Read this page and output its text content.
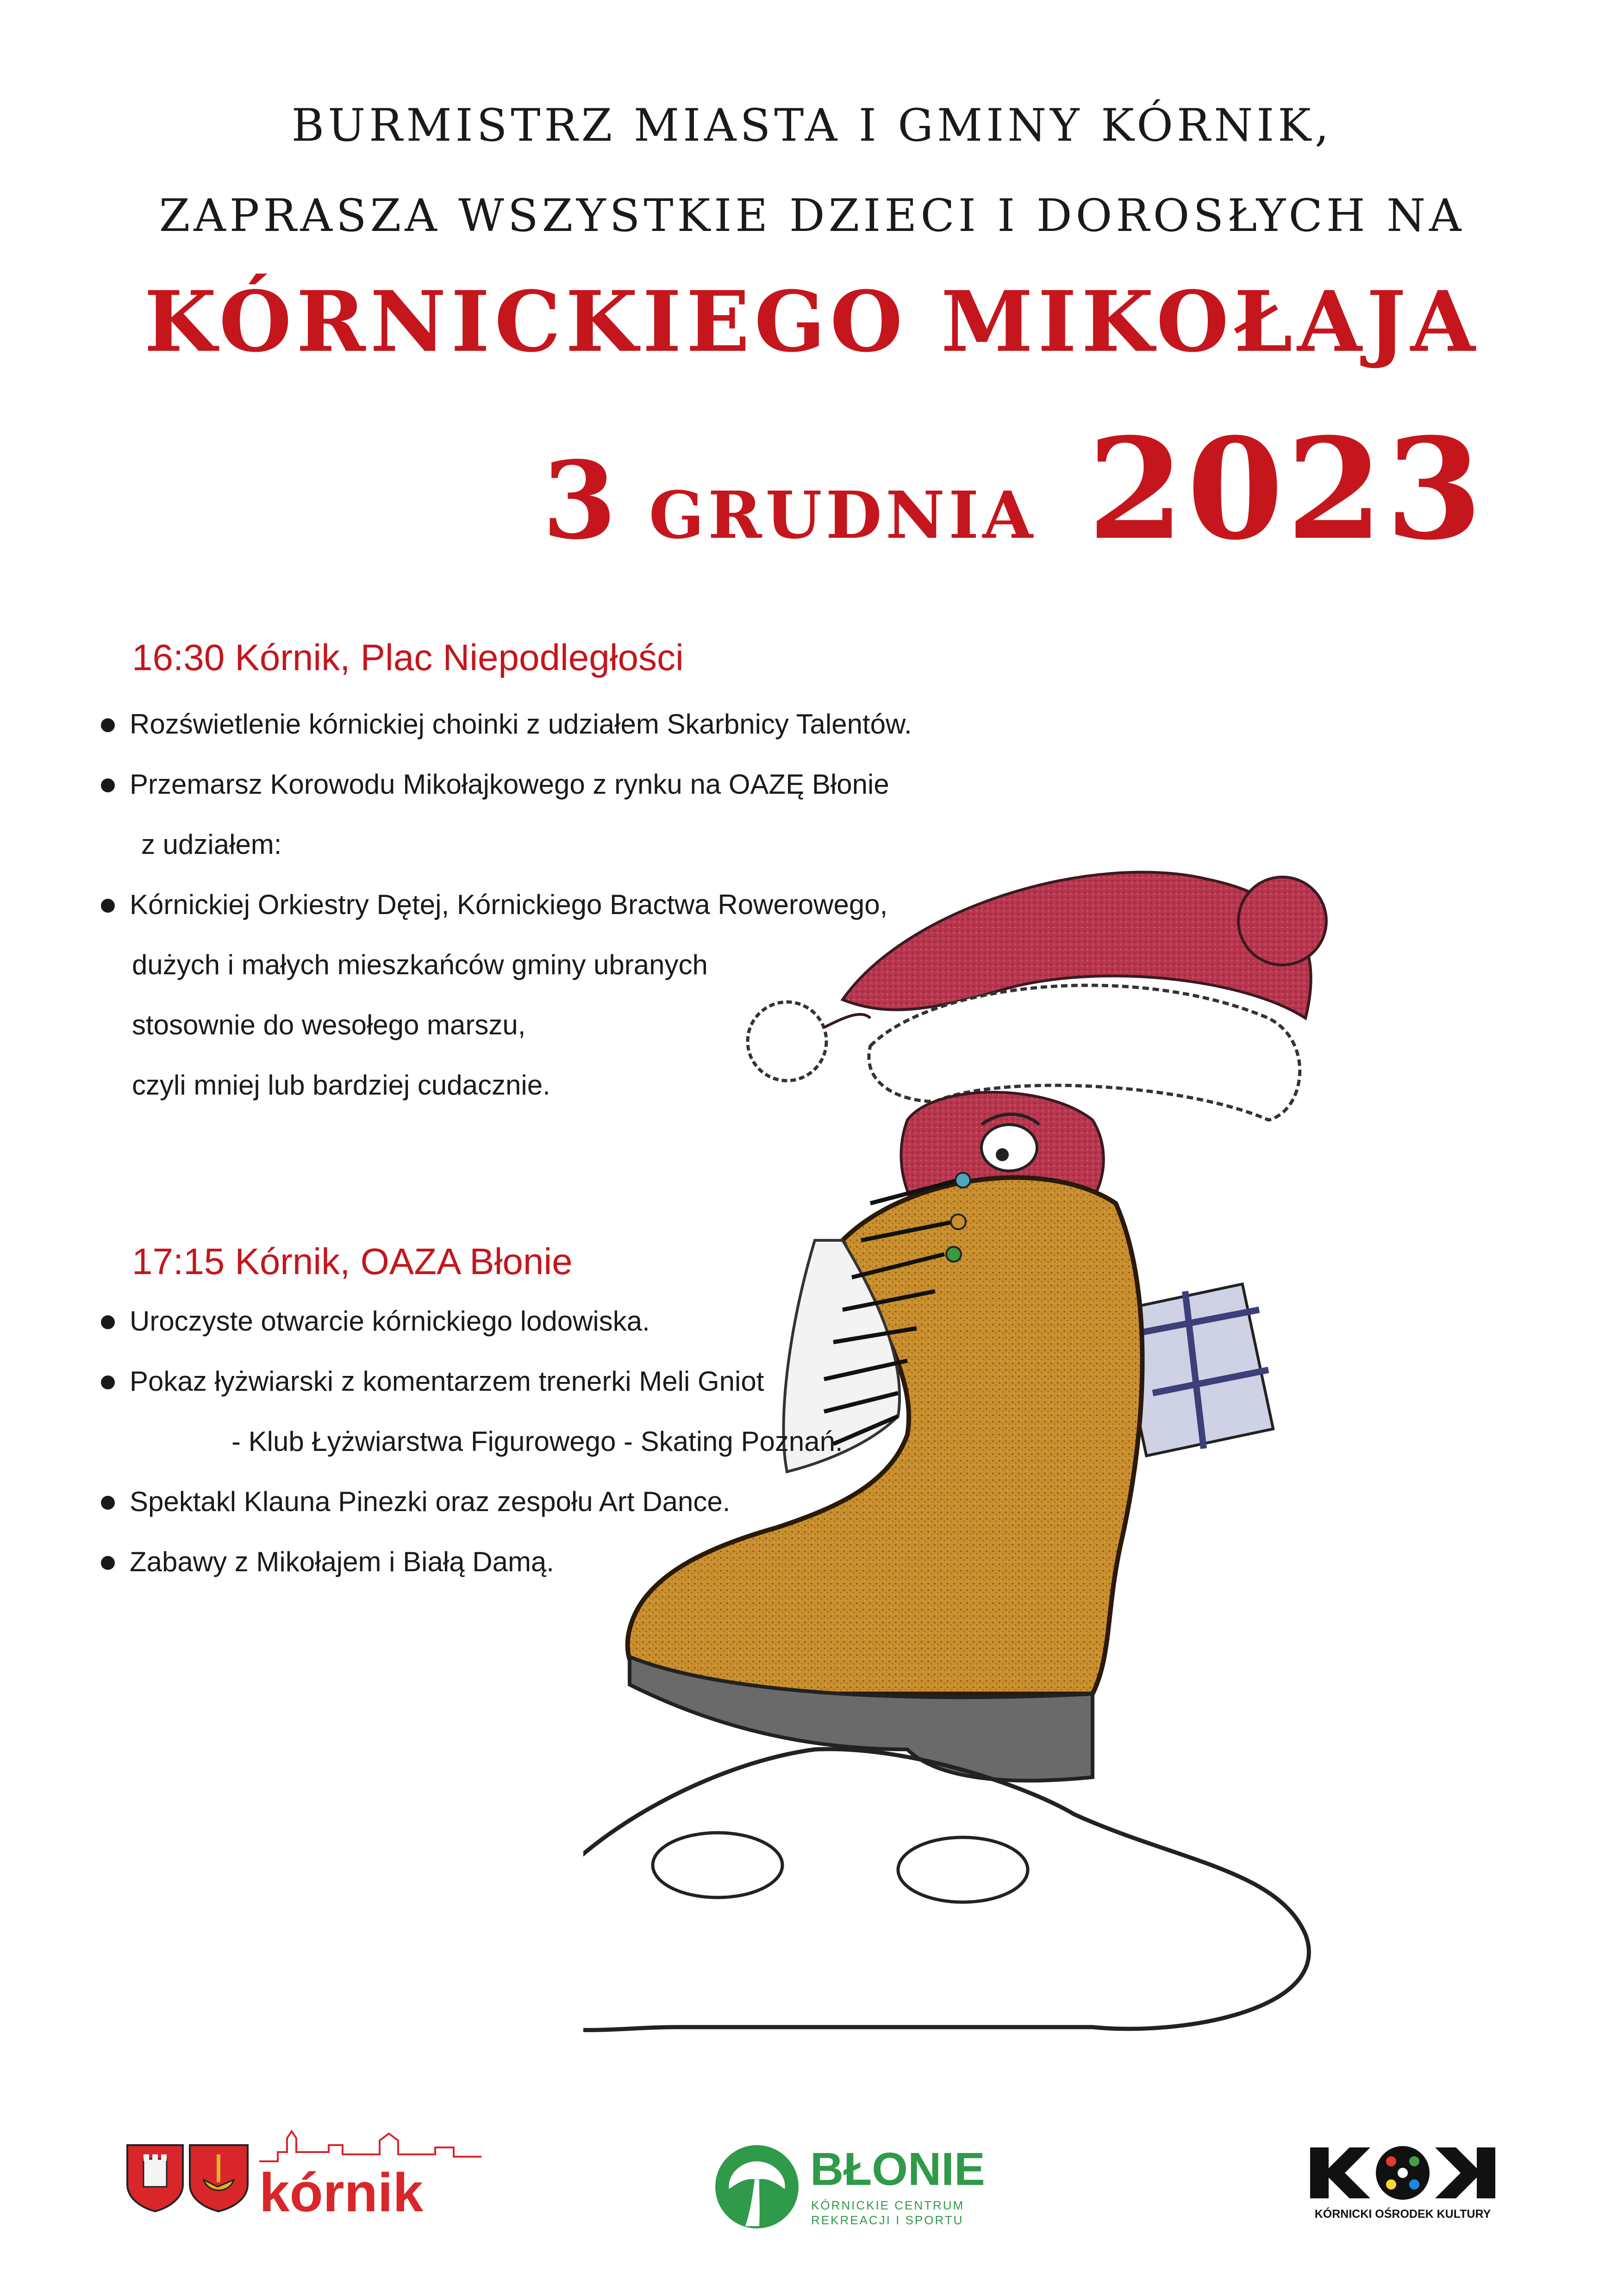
BURMISTRZ MIASTA I GMINY KÓRNIK,
ZAPRASZA WSZYSTKIE DZIECI I DOROSŁYCH NA
KÓRNICKIEGO MIKOŁAJA
3 GRUDNIA 2023
16:30 Kórnik, Plac Niepodległości
Rozświetlenie kórnickiej choinki z udziałem Skarbnicy Talentów.
Przemarsz Korowodu Mikołajkowego z rynku na OAZĘ Błonie
z udziałem:
Kórnickiej Orkiestry Dętej, Kórnickiego Bractwa Rowerowego,
dużych i małych mieszkańców gminy ubranych
stosownie do wesołego marszu,
czyli mniej lub bardziej cudacznie.
17:15 Kórnik, OAZA Błonie
Uroczyste otwarcie kórnickiego lodowiska.
Pokaz łyżwiarski z komentarzem trenerki Meli Gniot
- Klub Łyżwiarstwa Figurowego - Skating Poznań.
Spektakl Klauna Pinezki oraz zespołu Art Dance.
Zabawy z Mikołajem i Białą Damą.
kórnik	BŁONIE
KÓRNICKIE CENTRUM
REKREACJI I SPORTU	KÓRNICKI OŚRODEK KULTURY
